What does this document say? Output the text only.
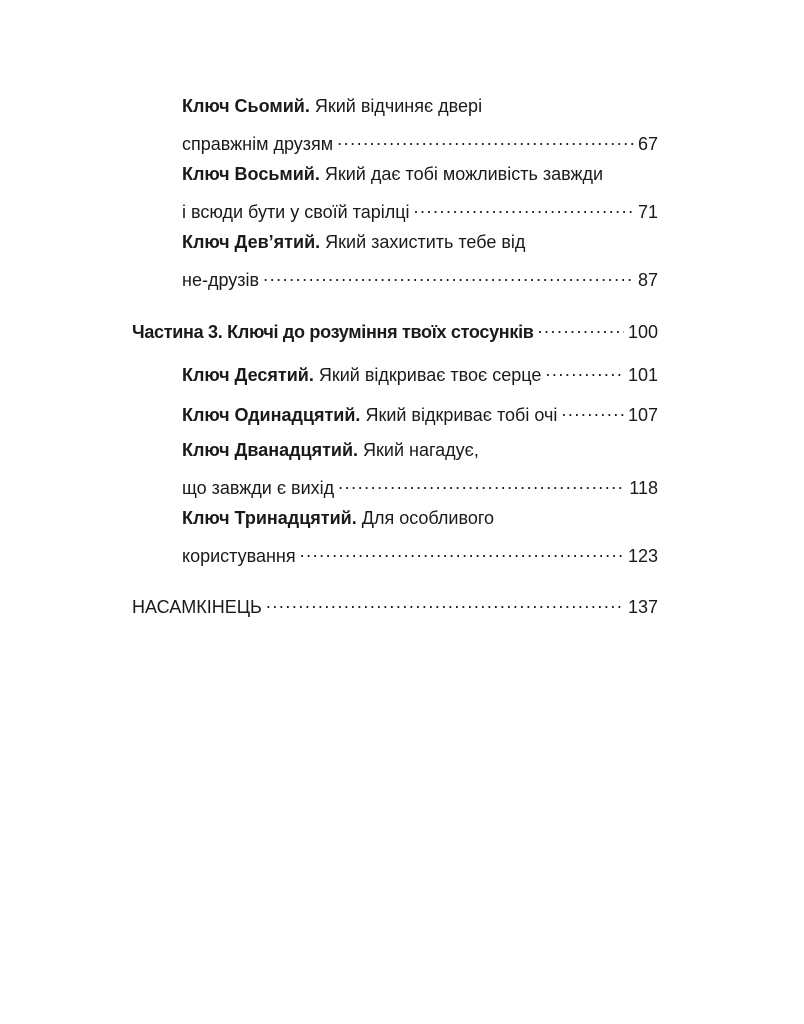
Ключ Сьомий. Який відчиняє двері
справжнім друзям .....	67
Ключ Восьмий. Який дає тобі можливість завжди
і всюди бути у своїй тарілці .....	71
Ключ Дев’ятий. Який захистить тебе від
не-друзів .....	87
Частина 3. Ключі до розуміння твоїх стосунків .....	100
Ключ Десятий. Який відкриває твоє серце .....	101
Ключ Одинадцятий. Який відкриває тобі очі .....	107
Ключ Дванадцятий. Який нагадує,
що завжди є вихід .....	118
Ключ Тринадцятий. Для особливого
користування .....	123
НАСАМКІНЕЦЬ .....	137
